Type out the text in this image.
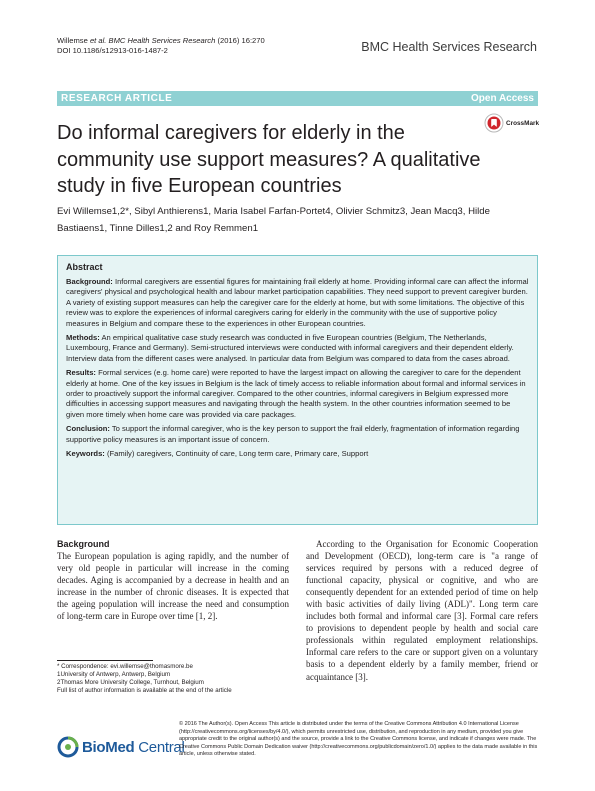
Willemse et al. BMC Health Services Research (2016) 16:270
DOI 10.1186/s12913-016-1487-2	BMC Health Services Research
RESEARCH ARTICLE	Open Access
Do informal caregivers for elderly in the community use support measures? A qualitative study in five European countries
CrossMark
Evi Willemse1,2*, Sibyl Anthierens1, Maria Isabel Farfan-Portet4, Olivier Schmitz3, Jean Macq3, Hilde Bastiaens1, Tinne Dilles1,2 and Roy Remmen1
Abstract

Background: Informal caregivers are essential figures for maintaining frail elderly at home. Providing informal care can affect the informal caregivers' physical and psychological health and labour market participation capabilities. They need support to prevent caregiver burden. A variety of existing support measures can help the caregiver care for the elderly at home, but with some limitations. The objective of this review was to explore the experiences of informal caregivers caring for elderly in the community with the use of supportive policy measures in Belgium and compare these to the experiences in other European countries.

Methods: An empirical qualitative case study research was conducted in five European countries (Belgium, The Netherlands, Luxembourg, France and Germany). Semi-structured interviews were conducted with informal caregivers and their dependent elderly. Interview data from the different cases were analysed. In particular data from Belgium was compared to data from the cases abroad.

Results: Formal services (e.g. home care) were reported to have the largest impact on allowing the caregiver to care for the dependent elderly at home. One of the key issues in Belgium is the lack of timely access to reliable information about formal and informal services in order to proactively support the informal caregiver. Compared to the other countries, informal caregivers in Belgium expressed more difficulties in accessing support measures and navigating through the health system. In the other countries information seemed to be given more timely when home care was provided via care packages.

Conclusion: To support the informal caregiver, who is the key person to support the frail elderly, fragmentation of information regarding supportive policy measures is an important issue of concern.

Keywords: (Family) caregivers, Continuity of care, Long term care, Primary care, Support

Background

The European population is aging rapidly, and the number of very old people in particular will increase in the coming decades. Aging is accompanied by a decrease in health and an increase in the number of chronic diseases. It is expected that the ageing population will increase the need and consumption of long-term care in Europe over time [1, 2].

According to the Organisation for Economic Cooperation and Development (OECD), long-term care is "a range of services required by persons with a reduced degree of functional capacity, physical or cognitive, and who are consequently dependent for an extended period of time on help with basic activities of daily living (ADL)". Long term care includes both formal and informal care [3]. Formal care refers to provisions to dependent people by health and social care professionals within regulated employment relationships. Informal care refers to the care or support given on a voluntary basis to a dependent elderly by a family member, friend or acquaintance [3].

* Correspondence: evi.willemse@thomasmore.be
1University of Antwerp, Antwerp, Belgium
2Thomas More University College, Turnhout, Belgium
Full list of author information is available at the end of the article
BioMed Central
© 2016 The Author(s). Open Access This article is distributed under the terms of the Creative Commons Attribution 4.0 International License (http://creativecommons.org/licenses/by/4.0/), which permits unrestricted use, distribution, and reproduction in any medium, provided you give appropriate credit to the original author(s) and the source, provide a link to the Creative Commons license, and indicate if changes were made. The Creative Commons Public Domain Dedication waiver (http://creativecommons.org/publicdomain/zero/1.0/) applies to the data made available in this article, unless otherwise stated.
